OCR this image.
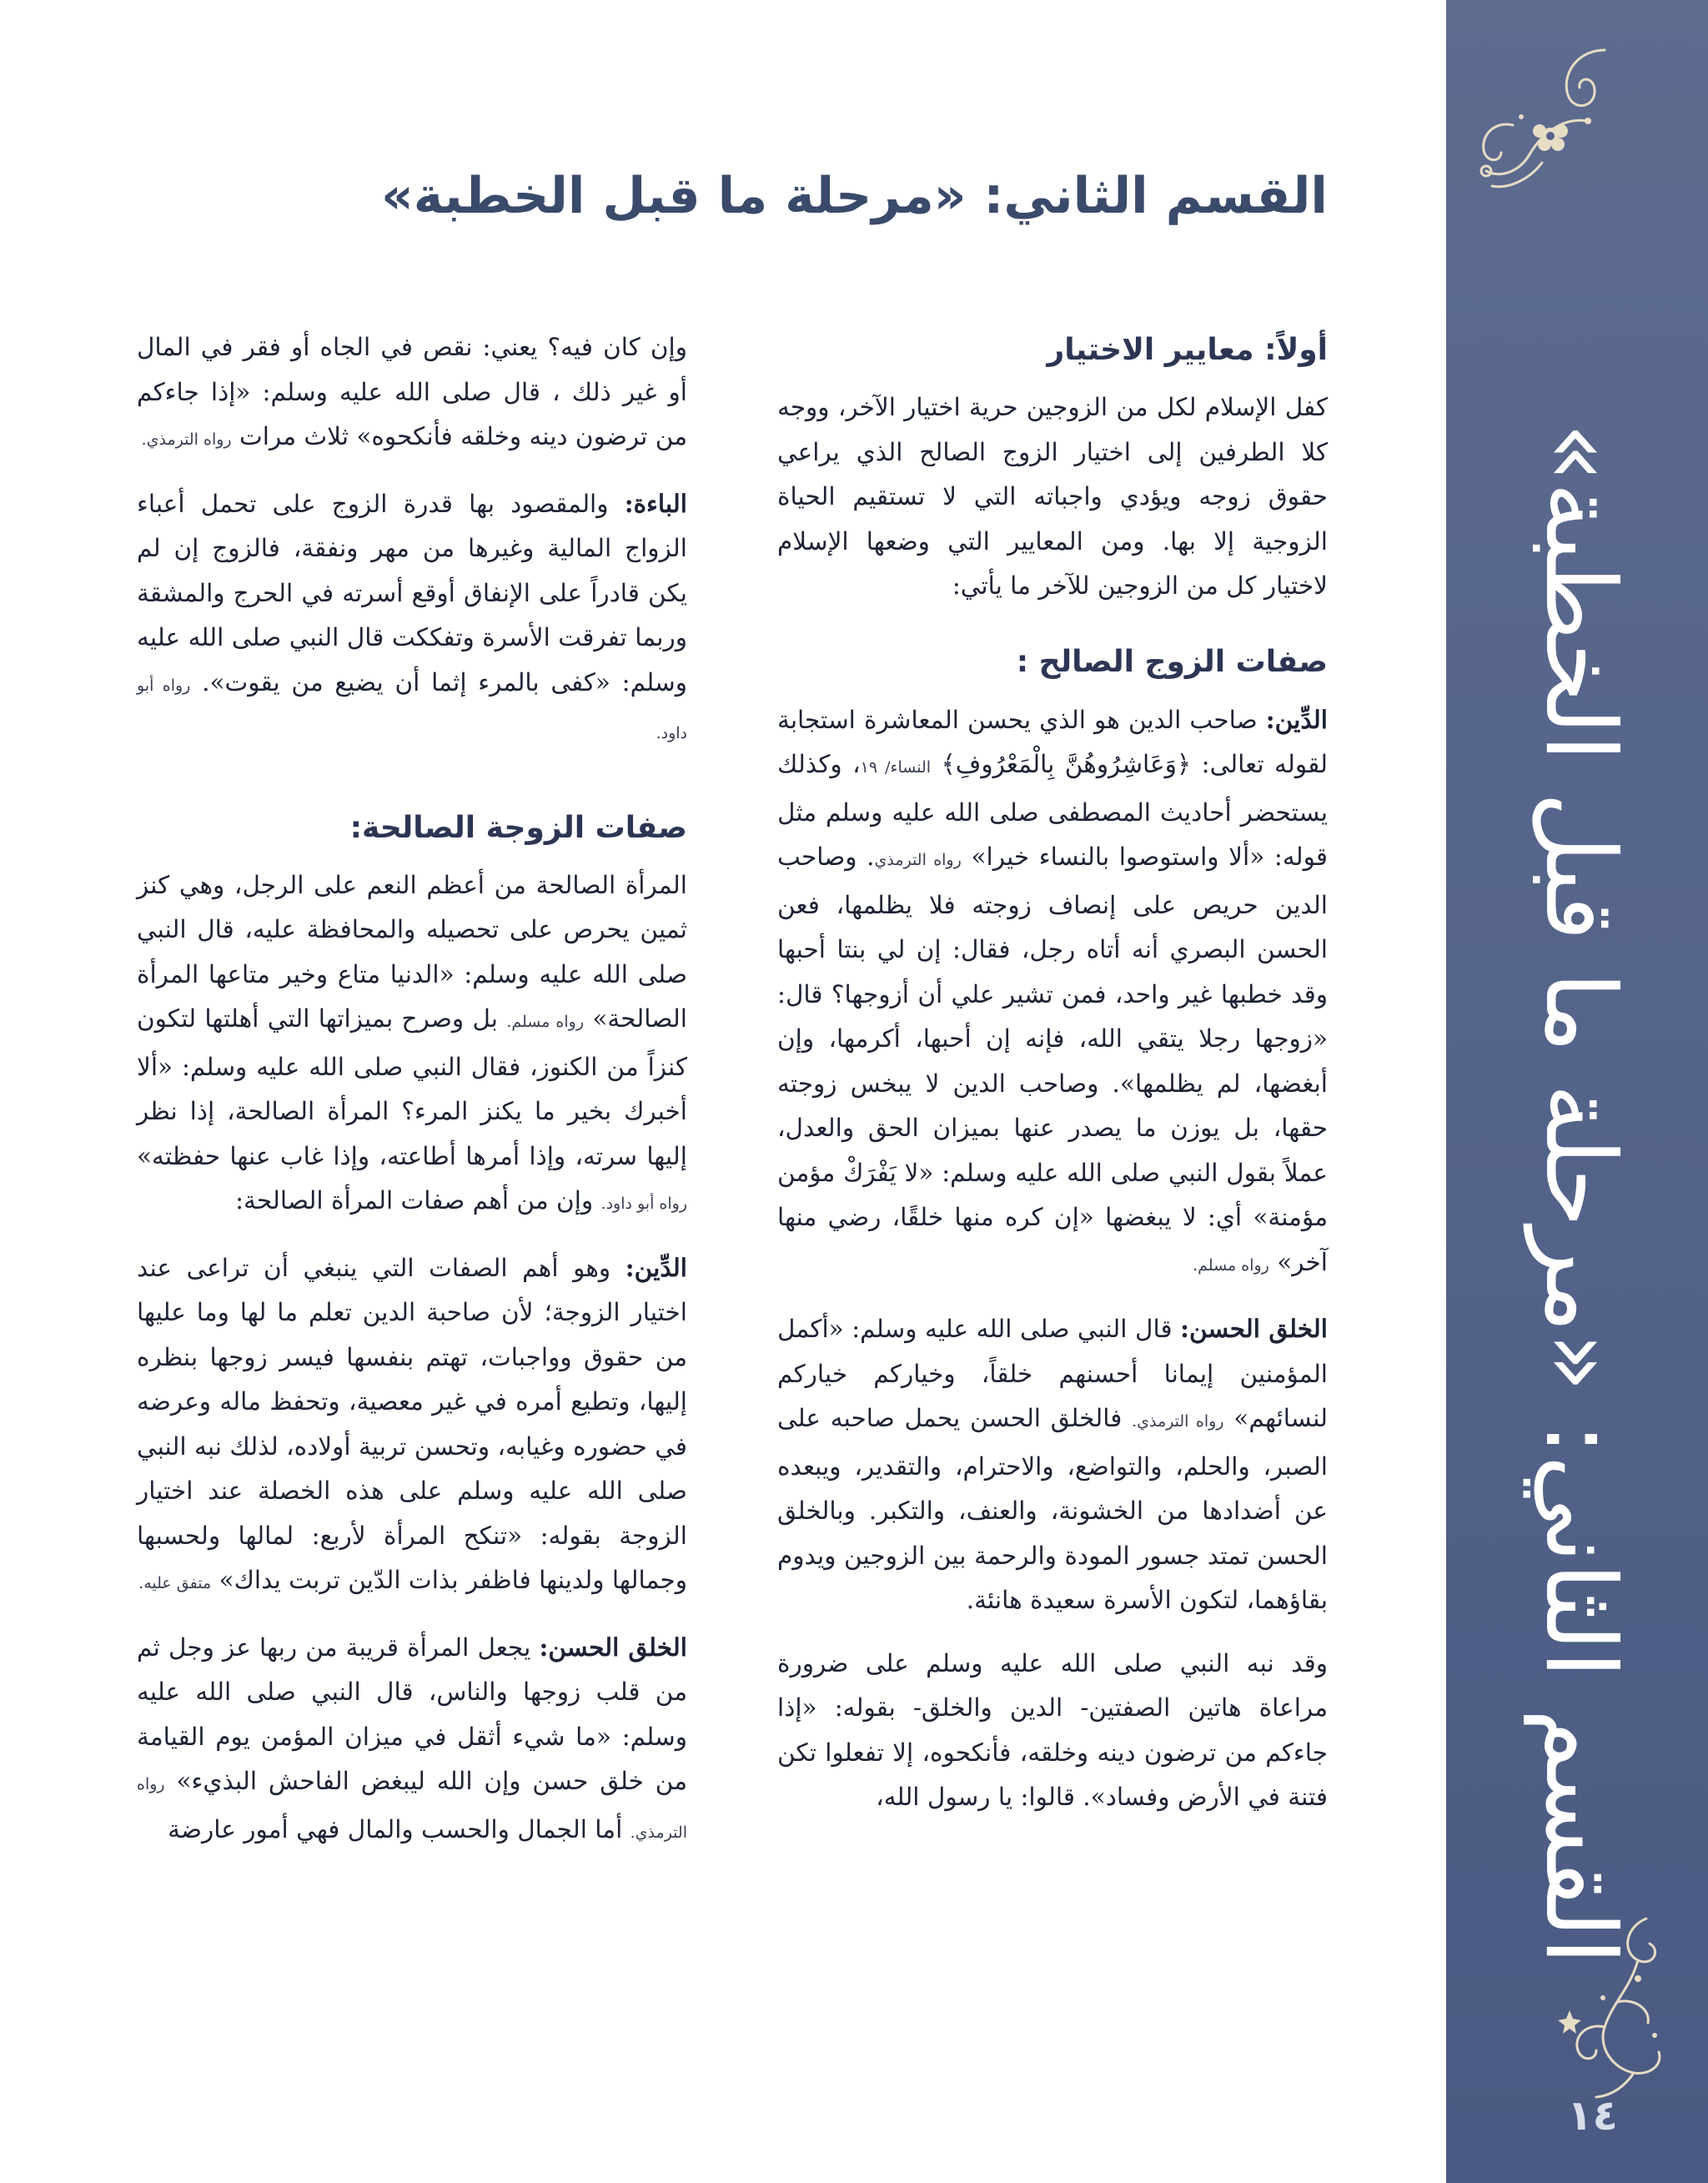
القسم الثاني: «مرحلة ما قبل الخطبة»
١٤
القسم الثاني: «مرحلة ما قبل الخطبة»
أولاً: معايير الاختيار

كفل الإسلام لكل من الزوجين حرية اختيار الآخر، ووجه كلا الطرفين إلى اختيار الزوج الصالح الذي يراعي حقوق زوجه ويؤدي واجباته التي لا تستقيم الحياة الزوجية إلا بها. ومن المعايير التي وضعها الإسلام لاختيار كل من الزوجين للآخر ما يأتي:

صفات الزوج الصالح :

الدِّين: صاحب الدين هو الذي يحسن المعاشرة استجابة لقوله تعالى: ﴿وَعَاشِرُوهُنَّ بِالْمَعْرُوفِ﴾ النساء/ ١٩، وكذلك يستحضر أحاديث المصطفى صلى الله عليه وسلم مثل قوله: «ألا واستوصوا بالنساء خيرا» رواه الترمذي. وصاحب الدين حريص على إنصاف زوجته فلا يظلمها، فعن الحسن البصري أنه أتاه رجل، فقال: إن لي بنتا أحبها وقد خطبها غير واحد، فمن تشير علي أن أزوجها؟ قال: «زوجها رجلا يتقي الله، فإنه إن أحبها، أكرمها، وإن أبغضها، لم يظلمها». وصاحب الدين لا يبخس زوجته حقها، بل يوزن ما يصدر عنها بميزان الحق والعدل، عملاً بقول النبي صلى الله عليه وسلم: «لا يَفْرَكْ مؤمن مؤمنة» أي: لا يبغضها «إن كره منها خلقًا، رضي منها آخر» رواه مسلم.

الخلق الحسن: قال النبي صلى الله عليه وسلم: «أكمل المؤمنين إيمانا أحسنهم خلقاً، وخياركم خياركم لنسائهم» رواه الترمذي. فالخلق الحسن يحمل صاحبه على الصبر، والحلم، والتواضع، والاحترام، والتقدير، ويبعده عن أضدادها من الخشونة، والعنف، والتكبر. وبالخلق الحسن تمتد جسور المودة والرحمة بين الزوجين ويدوم بقاؤهما، لتكون الأسرة سعيدة هانئة.

وقد نبه النبي صلى الله عليه وسلم على ضرورة مراعاة هاتين الصفتين- الدين والخلق- بقوله: «إذا جاءكم من ترضون دينه وخلقه، فأنكحوه، إلا تفعلوا تكن فتنة في الأرض وفساد». قالوا: يا رسول الله،

وإن كان فيه؟ يعني: نقص في الجاه أو فقر في المال أو غير ذلك ، قال صلى الله عليه وسلم: «إذا جاءكم من ترضون دينه وخلقه فأنكحوه» ثلاث مرات رواه الترمذي.

الباءة: والمقصود بها قدرة الزوج على تحمل أعباء الزواج المالية وغيرها من مهر ونفقة، فالزوج إن لم يكن قادراً على الإنفاق أوقع أسرته في الحرج والمشقة وربما تفرقت الأسرة وتفككت قال النبي صلى الله عليه وسلم: «كفى بالمرء إثما أن يضيع من يقوت». رواه أبو داود.

صفات الزوجة الصالحة:

المرأة الصالحة من أعظم النعم على الرجل، وهي كنز ثمين يحرص على تحصيله والمحافظة عليه، قال النبي صلى الله عليه وسلم: «الدنيا متاع وخير متاعها المرأة الصالحة» رواه مسلم. بل وصرح بميزاتها التي أهلتها لتكون كنزاً من الكنوز، فقال النبي صلى الله عليه وسلم: «ألا أخبرك بخير ما يكنز المرء؟ المرأة الصالحة، إذا نظر إليها سرته، وإذا أمرها أطاعته، وإذا غاب عنها حفظته» رواه أبو داود. وإن من أهم صفات المرأة الصالحة:

الدِّين: وهو أهم الصفات التي ينبغي أن تراعى عند اختيار الزوجة؛ لأن صاحبة الدين تعلم ما لها وما عليها من حقوق وواجبات، تهتم بنفسها فيسر زوجها بنظره إليها، وتطيع أمره في غير معصية، وتحفظ ماله وعرضه في حضوره وغيابه، وتحسن تربية أولاده، لذلك نبه النبي صلى الله عليه وسلم على هذه الخصلة عند اختيار الزوجة بقوله: «تنكح المرأة لأربع: لمالها ولحسبها وجمالها ولدينها فاظفر بذات الدّين تربت يداك» متفق عليه.

الخلق الحسن: يجعل المرأة قريبة من ربها عز وجل ثم من قلب زوجها والناس، قال النبي صلى الله عليه وسلم: «ما شيء أثقل في ميزان المؤمن يوم القيامة من خلق حسن وإن الله ليبغض الفاحش البذيء» رواه الترمذي. أما الجمال والحسب والمال فهي أمور عارضة
